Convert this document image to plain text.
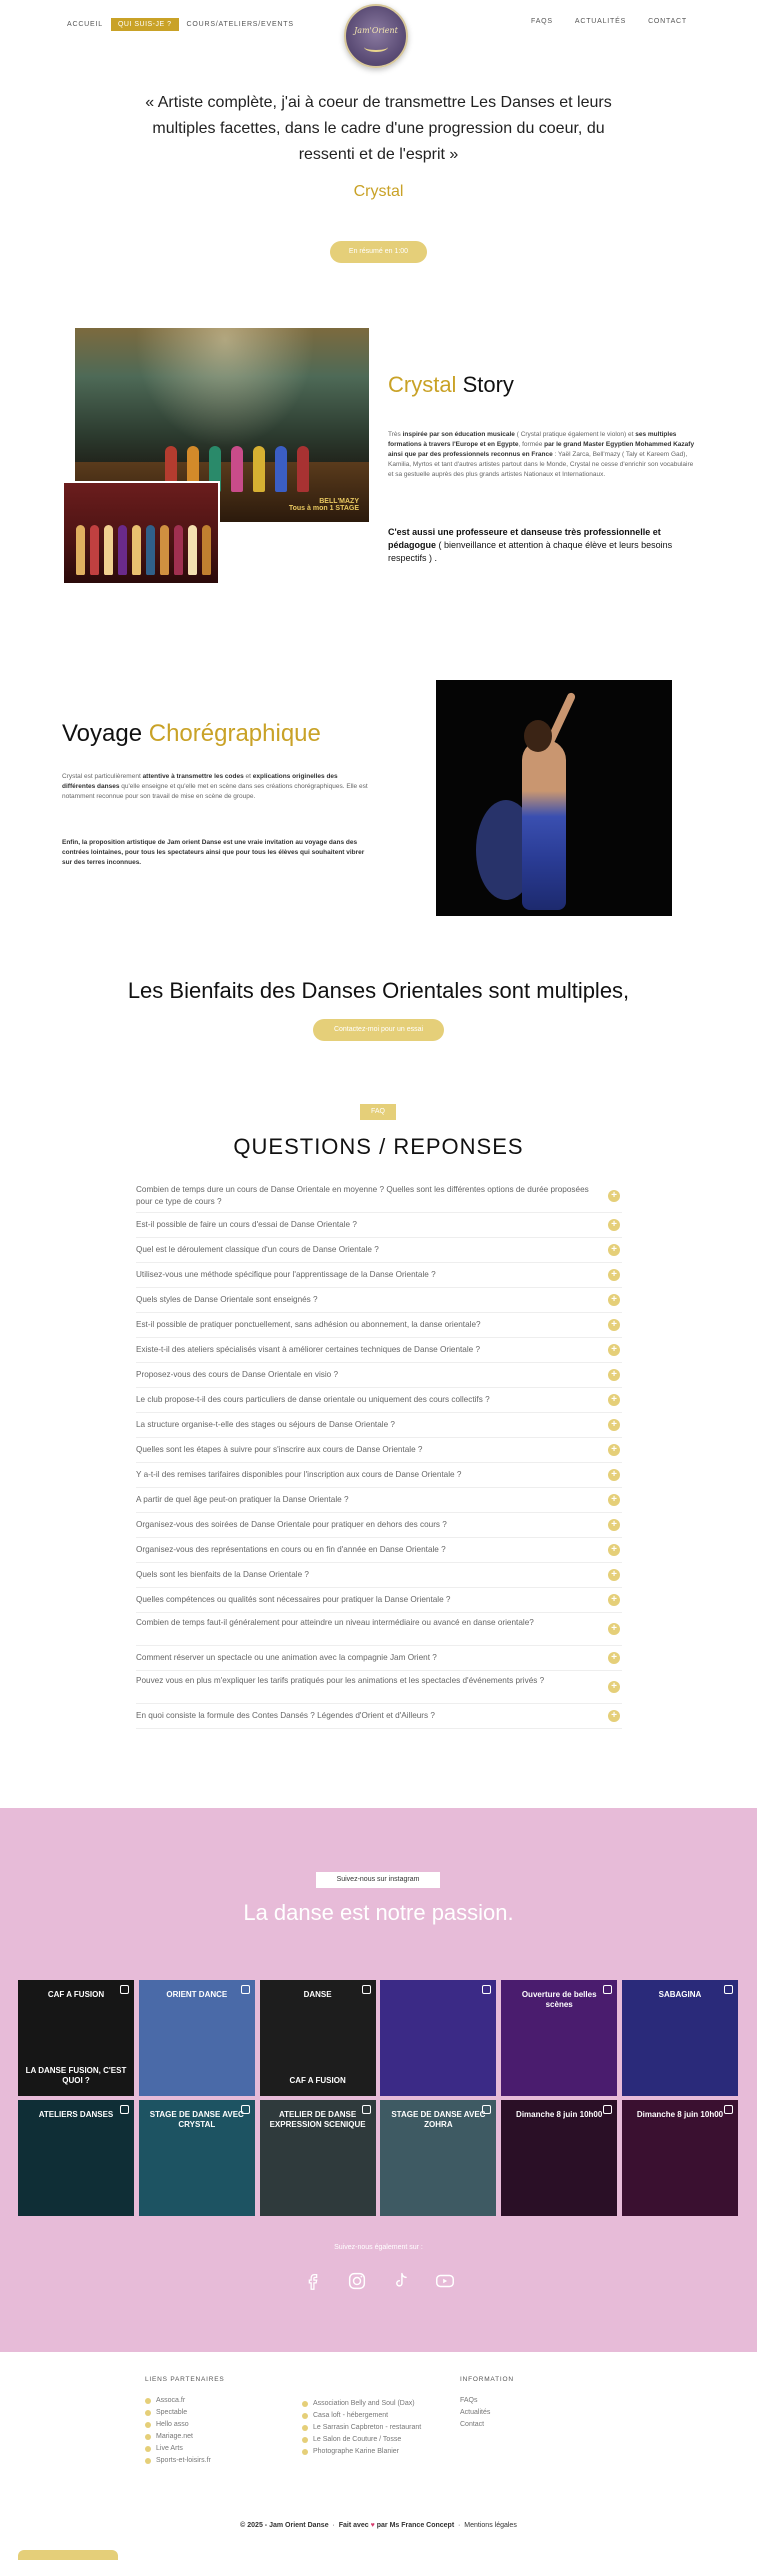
ACCUEIL	QUI SUIS-JE ?	COURS/ATELIERS/EVENTS
Jam'Orient
FAQS	ACTUALITÉS	CONTACT
« Artiste complète, j'ai à coeur de transmettre Les Danses et leurs multiples facettes, dans le cadre d'une progression du coeur, du ressenti et de l'esprit »
Crystal
En résumé en 1:00
BELL'MAZY
Tous à mon 1 STAGE
Crystal Story
Très inspirée par son éducation musicale ( Crystal pratique également le violon) et ses multiples formations à travers l'Europe et en Egypte, formée par le grand Master Egyptien Mohammed Kazafy ainsi que par des professionnels reconnus en France : Yaël Zarca, Bell'mazy ( Taly et Kareem Gad), Kamilia, Myrtos et tant d'autres artistes partout dans le Monde, Crystal ne cesse d'enrichir son vocabulaire et sa gestuelle auprès des plus grands artistes Nationaux et Internationaux.
C'est aussi une professeure et danseuse très professionnelle et pédagogue ( bienveillance et attention à chaque élève et leurs besoins respectifs ) .
Voyage Chorégraphique
Crystal est particulièrement attentive à transmettre les codes et explications originelles des différentes danses qu'elle enseigne et qu'elle met en scène dans ses créations chorégraphiques. Elle est notamment reconnue pour son travail de mise en scène de groupe.
Enfin, la proposition artistique de Jam orient Danse est une vraie invitation au voyage dans des contrées lointaines, pour tous les spectateurs ainsi que pour tous les élèves qui souhaitent vibrer sur des terres inconnues.
Les Bienfaits des Danses Orientales sont multiples,
Contactez-moi pour un essai
FAQ
QUESTIONS / REPONSES
Combien de temps dure un cours de Danse Orientale en moyenne ? Quelles sont les différentes options de durée proposées pour ce type de cours ?
+
Est-il possible de faire un cours d'essai de Danse Orientale ?	+
Quel est le déroulement classique d'un cours de Danse Orientale ?	+
Utilisez-vous une méthode spécifique pour l'apprentissage de la Danse Orientale ?	+
Quels styles de Danse Orientale sont enseignés ?	+
Est-il possible de pratiquer ponctuellement, sans adhésion ou abonnement, la danse orientale?	+
Existe-t-il des ateliers spécialisés visant à améliorer certaines techniques de Danse Orientale ?	+
Proposez-vous des cours de Danse Orientale en visio ?	+
Le club propose-t-il des cours particuliers de danse orientale ou uniquement des cours collectifs ?	+
La structure organise-t-elle des stages ou séjours de Danse Orientale ?	+
Quelles sont les étapes à suivre pour s'inscrire aux cours de Danse Orientale ?	+
Y a-t-il des remises tarifaires disponibles pour l'inscription aux cours de Danse Orientale ?	+
A partir de quel âge peut-on pratiquer la Danse Orientale ?	+
Organisez-vous des soirées de Danse Orientale pour pratiquer en dehors des cours ?	+
Organisez-vous des représentations en cours ou en fin d'année en Danse Orientale ?	+
Quels sont les bienfaits de la Danse Orientale ?	+
Quelles compétences ou qualités sont nécessaires pour pratiquer la Danse Orientale ?	+
Combien de temps faut-il généralement pour atteindre un niveau intermédiaire ou avancé en danse orientale?
+
Comment réserver un spectacle ou une animation avec la compagnie Jam Orient ?	+
Pouvez vous en plus m'expliquer les tarifs pratiqués pour les animations et les spectacles d'événements privés ?
+
En quoi consiste la formule des Contes Dansés ? Légendes d'Orient et d'Ailleurs ?	+
Suivez-nous sur instagram
La danse est notre passion.
CAF A FUSION
LA DANSE FUSION, C'EST QUOI ?
ORIENT DANCE	DANSE
CAF A FUSION
Ouverture de belles scènes
SABAGINA
ATELIERS DANSES	STAGE DE DANSE AVEC CRYSTAL
ATELIER DE DANSE EXPRESSION SCENIQUE
STAGE DE DANSE AVEC ZOHRA
Dimanche 8 juin 10h00	Dimanche 8 juin 10h00
Suivez-nous également sur :
LIENS PARTENAIRES
Assoca.fr
Spectable
Hello asso
Mariage.net
Live Arts
Sports-et-loisirs.fr
Association Belly and Soul (Dax)
Casa loft - hébergement
Le Sarrasin Capbreton - restaurant
Le Salon de Couture / Tosse
Photographe Karine Blanier
INFORMATION
FAQs
Actualités
Contact
© 2025 - Jam Orient Danse  ·  Fait avec ♥ par Ms France Concept  ·  Mentions légales
